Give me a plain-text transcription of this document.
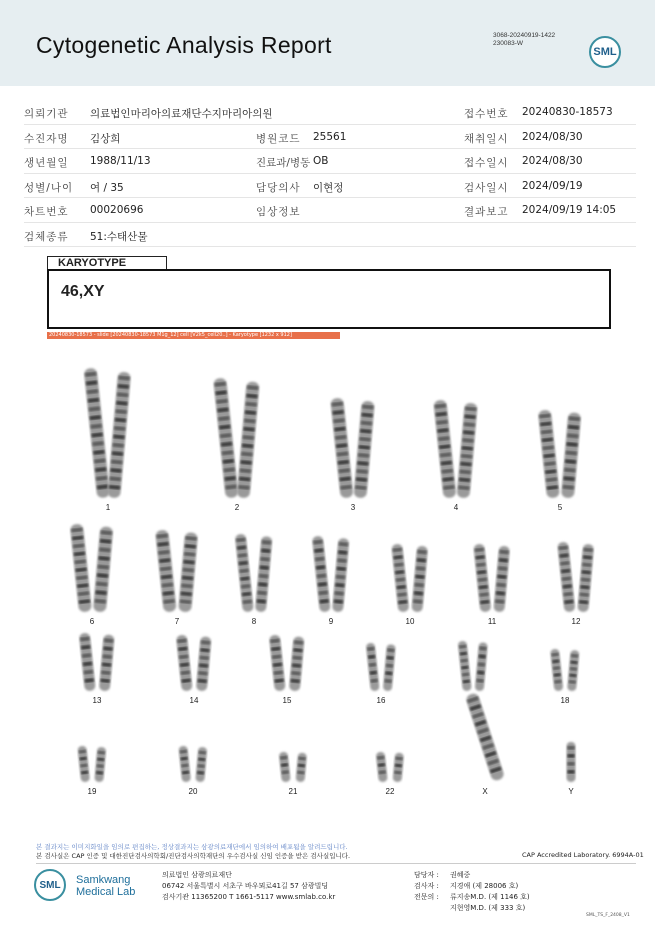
Cytogenetic Analysis Report	3068-20240919-1422
230083-W
SML
의뢰기관 의료법인마리아의료재단수지마리아의원	접수번호 20240830-18573
수진자명 김상희	병원코드 25561	채취일시 2024/08/30
생년월일 1988/11/13	진료과/병동 OB	접수일시 2024/08/30
성별/나이 여 / 35	담당의사 이현정	검사일시 2024/09/19
차트번호 00020696	임상정보	결과보고 2024/09/19 14:05
검체종류 51:수태산물
KARYOTYPE
46,XY
20240830-18573 - slide [20240830-18573 M1g_12] cell [V2k5_cell20..] - Karyotype [1232 x 912]
1	2	3	4	5
6	7	8	9	10	11	12
13	14	15	16	18
19	20	21	22	X	Y
본 결과지는 이미지화일을 임의로 편집하는, 정상결과지는 삼광의료재단에서 임의하여 배포됨을 알려드립니다.
본 검사실은 CAP 인증 및 대한진단검사의학회/진단검사의학재단의 우수검사실 신임 인증을 받은 검사실입니다.	CAP Accredited Laboratory. 6994A-01
SML Samkwang
Medical Lab
의료법인 삼광의료재단
06742 서울특별시 서초구 바우뫼로41길 57 삼광빌딩
검사기관 11365200 T 1661-5117 www.smlab.co.kr
담당자 : 권혜중
검사자 : 지경애 (제 28006 호)
전문의 : 류지송M.D. (제 1146 호)
지현영M.D. (제 333 호)
SML_TS_F_2408_V1
